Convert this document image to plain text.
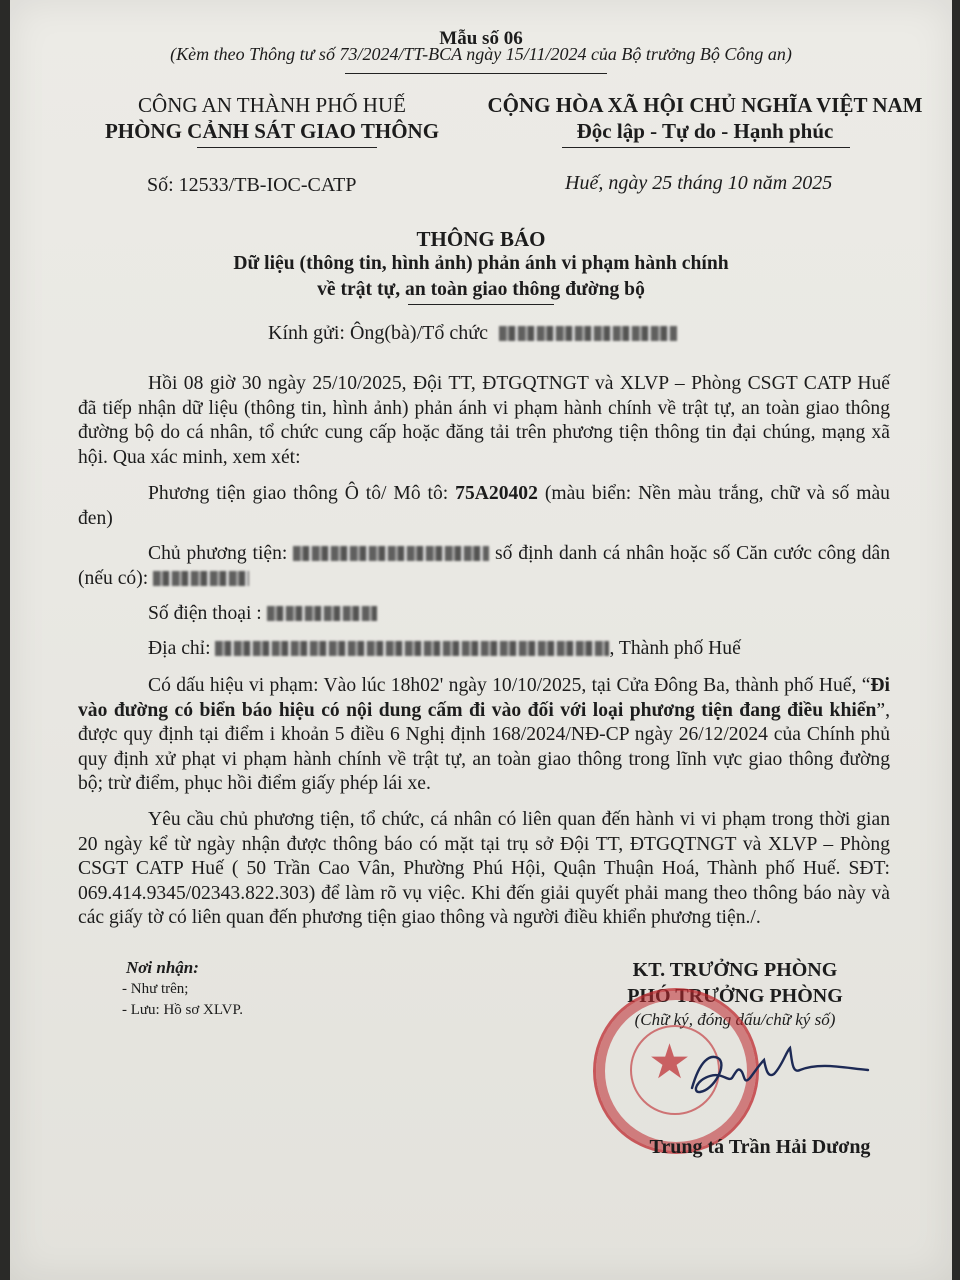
Mẫu số 06
(Kèm theo Thông tư số 73/2024/TT-BCA ngày 15/11/2024 của Bộ trưởng Bộ Công an)
CÔNG AN THÀNH PHỐ HUẾ
PHÒNG CẢNH SÁT GIAO THÔNG
CỘNG HÒA XÃ HỘI CHỦ NGHĨA VIỆT NAM
Độc lập - Tự do - Hạnh phúc
Số: 12533/TB-IOC-CATP	Huế, ngày 25 tháng 10 năm 2025
THÔNG BÁO
Dữ liệu (thông tin, hình ảnh) phản ánh vi phạm hành chính
về trật tự, an toàn giao thông đường bộ
Kính gửi: Ông(bà)/Tổ chức
Hồi 08 giờ 30 ngày 25/10/2025, Đội TT, ĐTGQTNGT và XLVP – Phòng CSGT CATP Huế đã tiếp nhận dữ liệu (thông tin, hình ảnh) phản ánh vi phạm hành chính về trật tự, an toàn giao thông đường bộ do cá nhân, tổ chức cung cấp hoặc đăng tải trên phương tiện thông tin đại chúng, mạng xã hội. Qua xác minh, xem xét:
Phương tiện giao thông Ô tô/ Mô tô: 75A20402 (màu biển: Nền màu trắng, chữ và số màu đen)
Chủ phương tiện:	số định danh cá nhân hoặc số Căn cước công dân (nếu có):
Số điện thoại :
Địa chỉ:	, Thành phố Huế
Có dấu hiệu vi phạm: Vào lúc 18h02' ngày 10/10/2025, tại Cửa Đông Ba, thành phố Huế, “Đi vào đường có biển báo hiệu có nội dung cấm đi vào đối với loại phương tiện đang điều khiển”, được quy định tại điểm i khoản 5 điều 6 Nghị định 168/2024/NĐ-CP ngày 26/12/2024 của Chính phủ quy định xử phạt vi phạm hành chính về trật tự, an toàn giao thông trong lĩnh vực giao thông đường bộ; trừ điểm, phục hồi điểm giấy phép lái xe.
Yêu cầu chủ phương tiện, tổ chức, cá nhân có liên quan đến hành vi vi phạm trong thời gian 20 ngày kể từ ngày nhận được thông báo có mặt tại trụ sở Đội TT, ĐTGQTNGT và XLVP – Phòng CSGT CATP Huế ( 50 Trần Cao Vân, Phường Phú Hội, Quận Thuận Hoá, Thành phố Huế. SĐT: 069.414.9345/02343.822.303) để làm rõ vụ việc. Khi đến giải quyết phải mang theo thông báo này và các giấy tờ có liên quan đến phương tiện giao thông và người điều khiển phương tiện./.
Nơi nhận:
- Như trên;
- Lưu: Hồ sơ XLVP.
KT. TRƯỞNG PHÒNG
PHÓ TRƯỞNG PHÒNG
(Chữ ký, đóng dấu/chữ ký số)
★
Trung tá Trần Hải Dương
